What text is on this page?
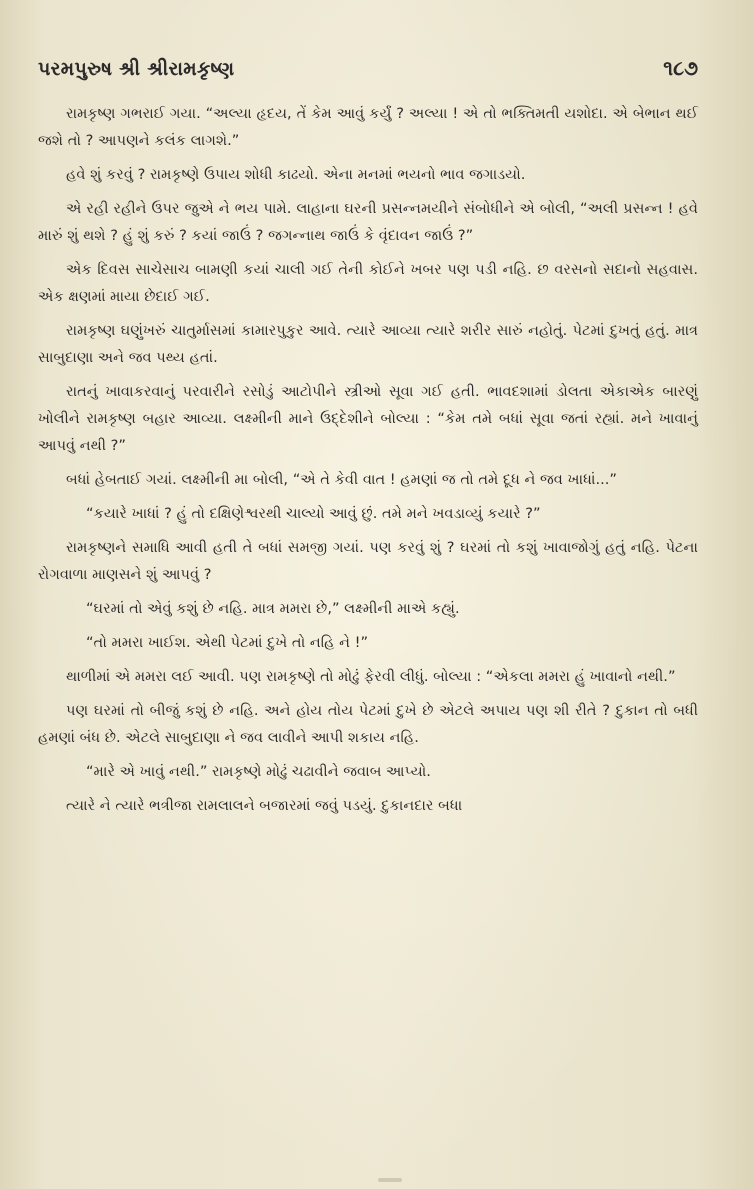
પરમપુરુષ શ્રી શ્રીરામકૃષ્ણ	૧૮૭

રામકૃષ્ણ ગભરાઈ ગયા. “અલ્યા હૃદય, તેં કેમ આવું કર્યું ? અલ્યા ! એ તો ભક્તિમતી યશોદા. એ બેભાન થઈ જશે તો ? આપણને કલંક લાગશે.”

હવે શું કરવું ? રામકૃષ્ણે ઉપાય શોધી કાઢયો. એના મનમાં ભયનો ભાવ જગાડયો.

એ રહી રહીને ઉપર જુએ ને ભય પામે. લાહાના ઘરની પ્રસન્નમયીને સંબોધીને એ બોલી, “અલી પ્રસન્ન ! હવે મારું શું થશે ? હું શું કરું ? કયાં જાઉં ? જગન્નાથ જાઉં કે વૃંદાવન જાઉં ?”

એક દિવસ સાચેસાચ બામણી કયાં ચાલી ગઈ તેની કોઈને ખબર પણ પડી નહિ. છ વરસનો સદાનો સહવાસ. એક ક્ષણમાં માયા છેદાઈ ગઈ.

રામકૃષ્ણ ઘણુંખરું ચાતુર્માસમાં કામારપુકુર આવે. ત્યારે આવ્યા ત્યારે શરીર સારું નહોતું. પેટમાં દુખતું હતું. માત્ર સાબુદાણા અને જવ પથ્ય હતાં.

રાતનું ખાવાકરવાનું પરવારીને રસોડું આટોપીને સ્ત્રીઓ સૂવા ગઈ હતી. ભાવદશામાં ડોલતા એકાએક બારણું ખોલીને રામકૃષ્ણ બહાર આવ્યા. લક્ષ્મીની માને ઉદ્દેશીને બોલ્યા : “કેમ તમે બધાં સૂવા જતાં રહ્યાં. મને ખાવાનું આપવું નથી ?”

બધાં હેબતાઈ ગયાં. લક્ષ્મીની મા બોલી, “એ તે કેવી વાત ! હમણાં જ તો તમે દૂધ ને જવ ખાધાં...”

“કયારે ખાધાં ? હું તો દક્ષિણેશ્વરથી ચાલ્યો આવું છું. તમે મને ખવડાવ્યું કયારે ?”

રામકૃષ્ણને સમાધિ આવી હતી તે બધાં સમજી ગયાં. પણ કરવું શું ? ઘરમાં તો કશું ખાવાજોગું હતું નહિ. પેટના રોગવાળા માણસને શું આપવું ?

“ઘરમાં તો એવું કશું છે નહિ. માત્ર મમરા છે,” લક્ષ્મીની માએ કહ્યું.

“તો મમરા ખાઈશ. એથી પેટમાં દુખે તો નહિ ને !”

થાળીમાં એ મમરા લઈ આવી. પણ રામકૃષ્ણે તો મોઢું ફેરવી લીધું. બોલ્યા : “એકલા મમરા હું ખાવાનો નથી.”

પણ ઘરમાં તો બીજું કશું છે નહિ. અને હોય તોય પેટમાં દુખે છે એટલે અપાય પણ શી રીતે ? દુકાન તો બધી હમણાં બંધ છે. એટલે સાબુદાણા ને જવ લાવીને આપી શકાય નહિ.

“મારે એ ખાવું નથી.” રામકૃષ્ણે મોઢું ચઢાવીને જવાબ આપ્યો.

ત્યારે ને ત્યારે ભત્રીજા રામલાલને બજારમાં જવું પડયું. દુકાનદાર બધા
